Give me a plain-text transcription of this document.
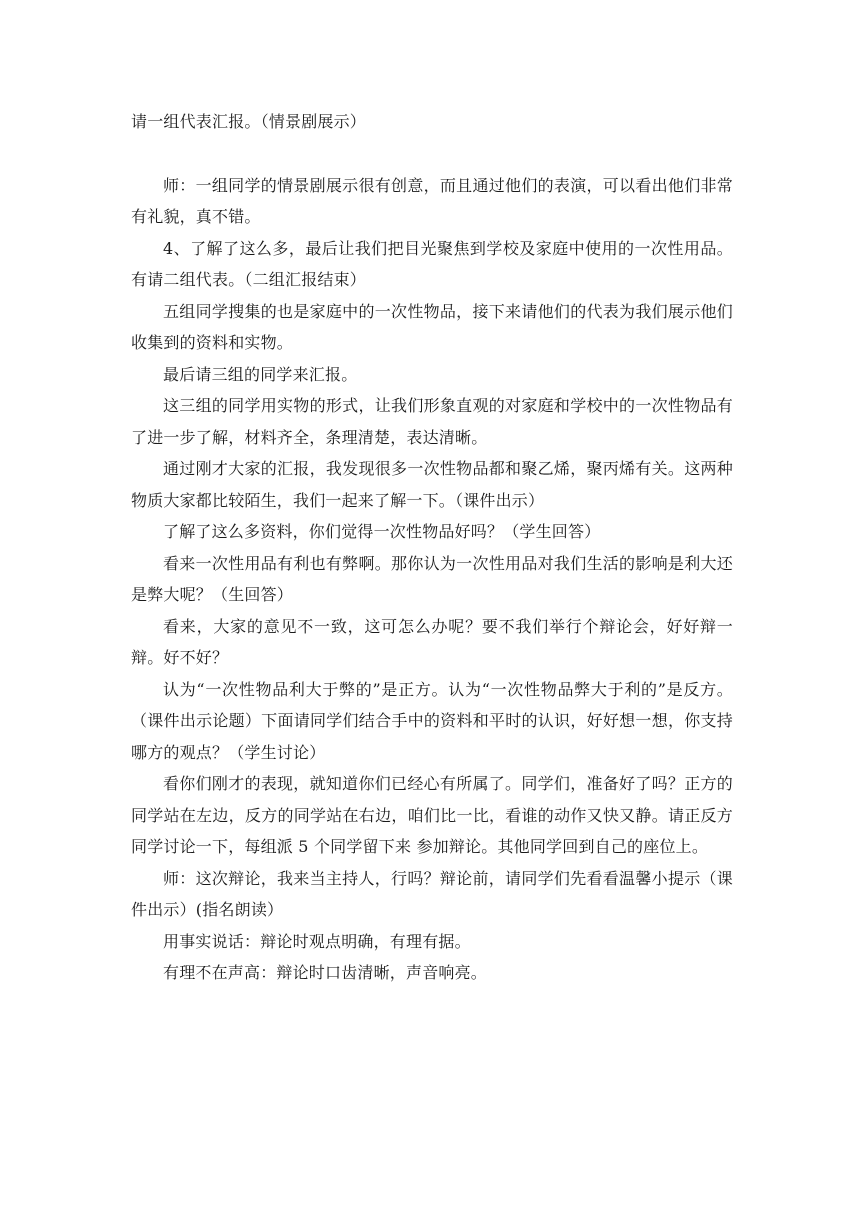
请一组代表汇报。（情景剧展示）

师：一组同学的情景剧展示很有创意，而且通过他们的表演，可以看出他们非常有礼貌，真不错。

4、了解了这么多，最后让我们把目光聚焦到学校及家庭中使用的一次性用品。有请二组代表。（二组汇报结束）

五组同学搜集的也是家庭中的一次性物品，接下来请他们的代表为我们展示他们收集到的资料和实物。

最后请三组的同学来汇报。

这三组的同学用实物的形式，让我们形象直观的对家庭和学校中的一次性物品有了进一步了解，材料齐全，条理清楚，表达清晰。

通过刚才大家的汇报，我发现很多一次性物品都和聚乙烯，聚丙烯有关。这两种物质大家都比较陌生，我们一起来了解一下。（课件出示）

了解了这么多资料，你们觉得一次性物品好吗？（学生回答）

看来一次性用品有利也有弊啊。那你认为一次性用品对我们生活的影响是利大还是弊大呢？（生回答）

看来，大家的意见不一致，这可怎么办呢？要不我们举行个辩论会，好好辩一辩。好不好？

认为“一次性物品利大于弊的”是正方。认为“一次性物品弊大于利的”是反方。（课件出示论题）下面请同学们结合手中的资料和平时的认识，好好想一想，你支持哪方的观点？（学生讨论）

看你们刚才的表现，就知道你们已经心有所属了。同学们，准备好了吗？正方的同学站在左边，反方的同学站在右边，咱们比一比，看谁的动作又快又静。请正反方同学讨论一下，每组派 5 个同学留下来 参加辩论。其他同学回到自己的座位上。

师：这次辩论，我来当主持人，行吗？辩论前，请同学们先看看温馨小提示（课件出示）(指名朗读）

用事实说话：辩论时观点明确，有理有据。

有理不在声高：辩论时口齿清晰，声音响亮。
